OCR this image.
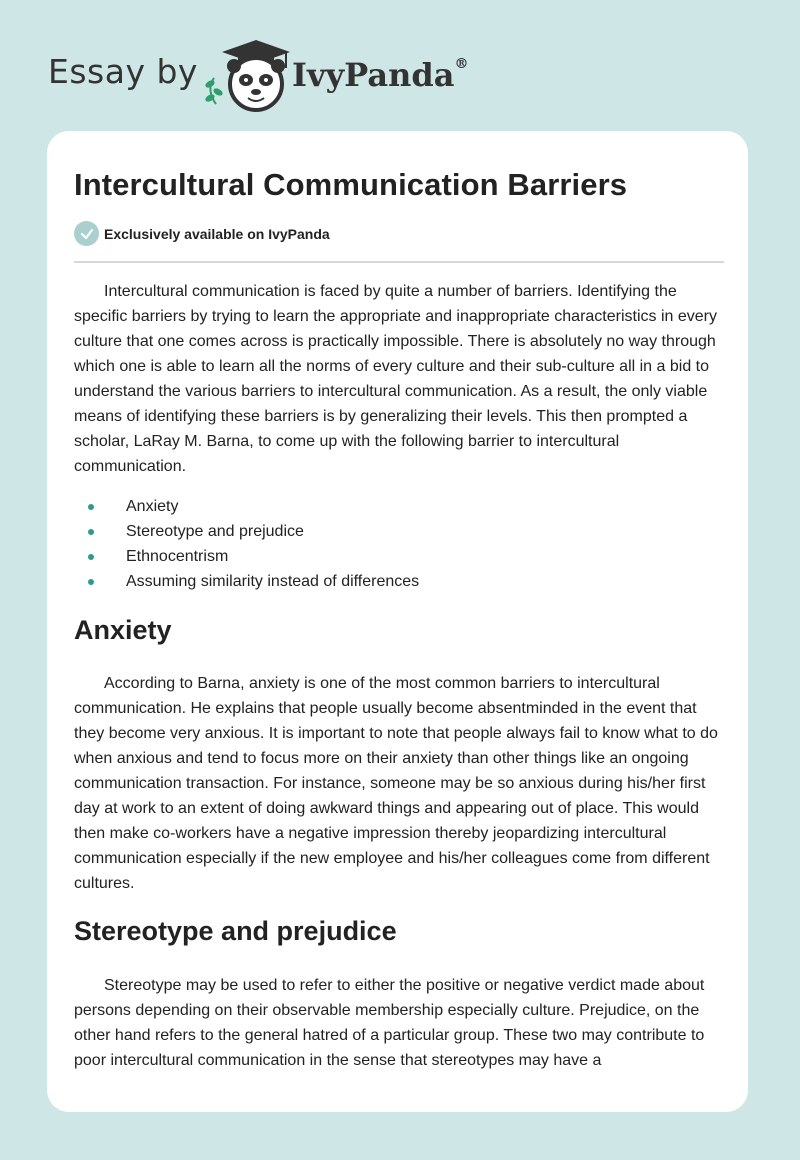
Essay by	IvyPanda®
Intercultural Communication Barriers
Exclusively available on IvyPanda

Intercultural communication is faced by quite a number of barriers. Identifying the specific barriers by trying to learn the appropriate and inappropriate characteristics in every culture that one comes across is practically impossible. There is absolutely no way through which one is able to learn all the norms of every culture and their sub-culture all in a bid to understand the various barriers to intercultural communication. As a result, the only viable means of identifying these barriers is by generalizing their levels. This then prompted a scholar, LaRay M. Barna, to come up with the following barrier to intercultural communication.

Anxiety
Stereotype and prejudice
Ethnocentrism
Assuming similarity instead of differences
Anxiety

According to Barna, anxiety is one of the most common barriers to intercultural communication. He explains that people usually become absentminded in the event that they become very anxious. It is important to note that people always fail to know what to do when anxious and tend to focus more on their anxiety than other things like an ongoing communication transaction. For instance, someone may be so anxious during his/her first day at work to an extent of doing awkward things and appearing out of place. This would then make co-workers have a negative impression thereby jeopardizing intercultural communication especially if the new employee and his/her colleagues come from different cultures.

Stereotype and prejudice

Stereotype may be used to refer to either the positive or negative verdict made about persons depending on their observable membership especially culture. Prejudice, on the other hand refers to the general hatred of a particular group. These two may contribute to poor intercultural communication in the sense that stereotypes may have a
